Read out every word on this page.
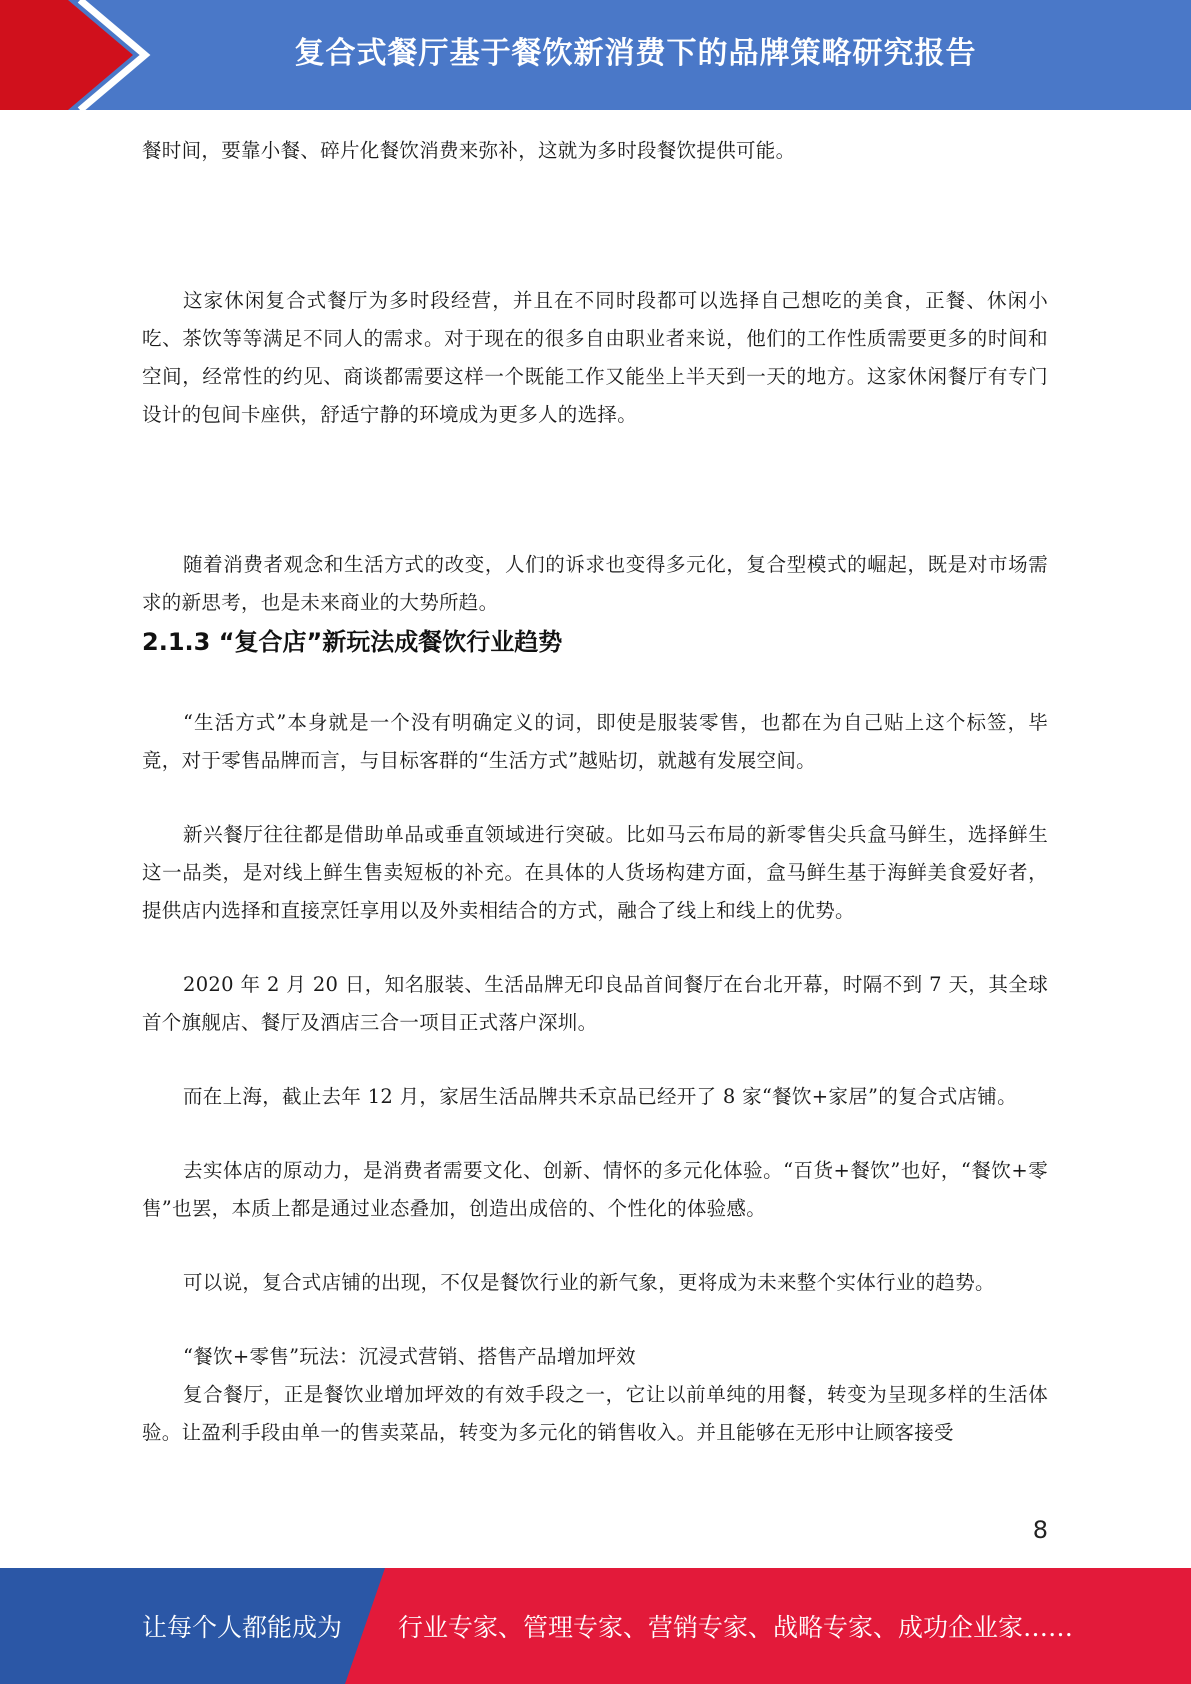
复合式餐厅基于餐饮新消费下的品牌策略研究报告

餐时间，要靠小餐、碎片化餐饮消费来弥补，这就为多时段餐饮提供可能。

这家休闲复合式餐厅为多时段经营，并且在不同时段都可以选择自己想吃的美食，正餐、休闲小吃、茶饮等等满足不同人的需求。对于现在的很多自由职业者来说，他们的工作性质需要更多的时间和空间，经常性的约见、商谈都需要这样一个既能工作又能坐上半天到一天的地方。这家休闲餐厅有专门设计的包间卡座供，舒适宁静的环境成为更多人的选择。

随着消费者观念和生活方式的改变，人们的诉求也变得多元化，复合型模式的崛起，既是对市场需求的新思考，也是未来商业的大势所趋。

2.1.3 “复合店”新玩法成餐饮行业趋势

“生活方式”本身就是一个没有明确定义的词，即使是服装零售，也都在为自己贴上这个标签，毕竟，对于零售品牌而言，与目标客群的“生活方式”越贴切，就越有发展空间。

新兴餐厅往往都是借助单品或垂直领域进行突破。比如马云布局的新零售尖兵盒马鲜生，选择鲜生这一品类，是对线上鲜生售卖短板的补充。在具体的人货场构建方面，盒马鲜生基于海鲜美食爱好者，提供店内选择和直接烹饪享用以及外卖相结合的方式，融合了线上和线上的优势。

2020 年 2 月 20 日，知名服装、生活品牌无印良品首间餐厅在台北开幕，时隔不到 7 天，其全球首个旗舰店、餐厅及酒店三合一项目正式落户深圳。

而在上海，截止去年 12 月，家居生活品牌共禾京品已经开了 8 家“餐饮+家居”的复合式店铺。

去实体店的原动力，是消费者需要文化、创新、情怀的多元化体验。“百货+餐饮”也好，“餐饮+零售”也罢，本质上都是通过业态叠加，创造出成倍的、个性化的体验感。

可以说，复合式店铺的出现，不仅是餐饮行业的新气象，更将成为未来整个实体行业的趋势。

“餐饮+零售”玩法：沉浸式营销、搭售产品增加坪效

复合餐厅，正是餐饮业增加坪效的有效手段之一，它让以前单纯的用餐，转变为呈现多样的生活体验。让盈利手段由单一的售卖菜品，转变为多元化的销售收入。并且能够在无形中让顾客接受

8
让每个人都能成为 行业专家、管理专家、营销专家、战略专家、成功企业家……
